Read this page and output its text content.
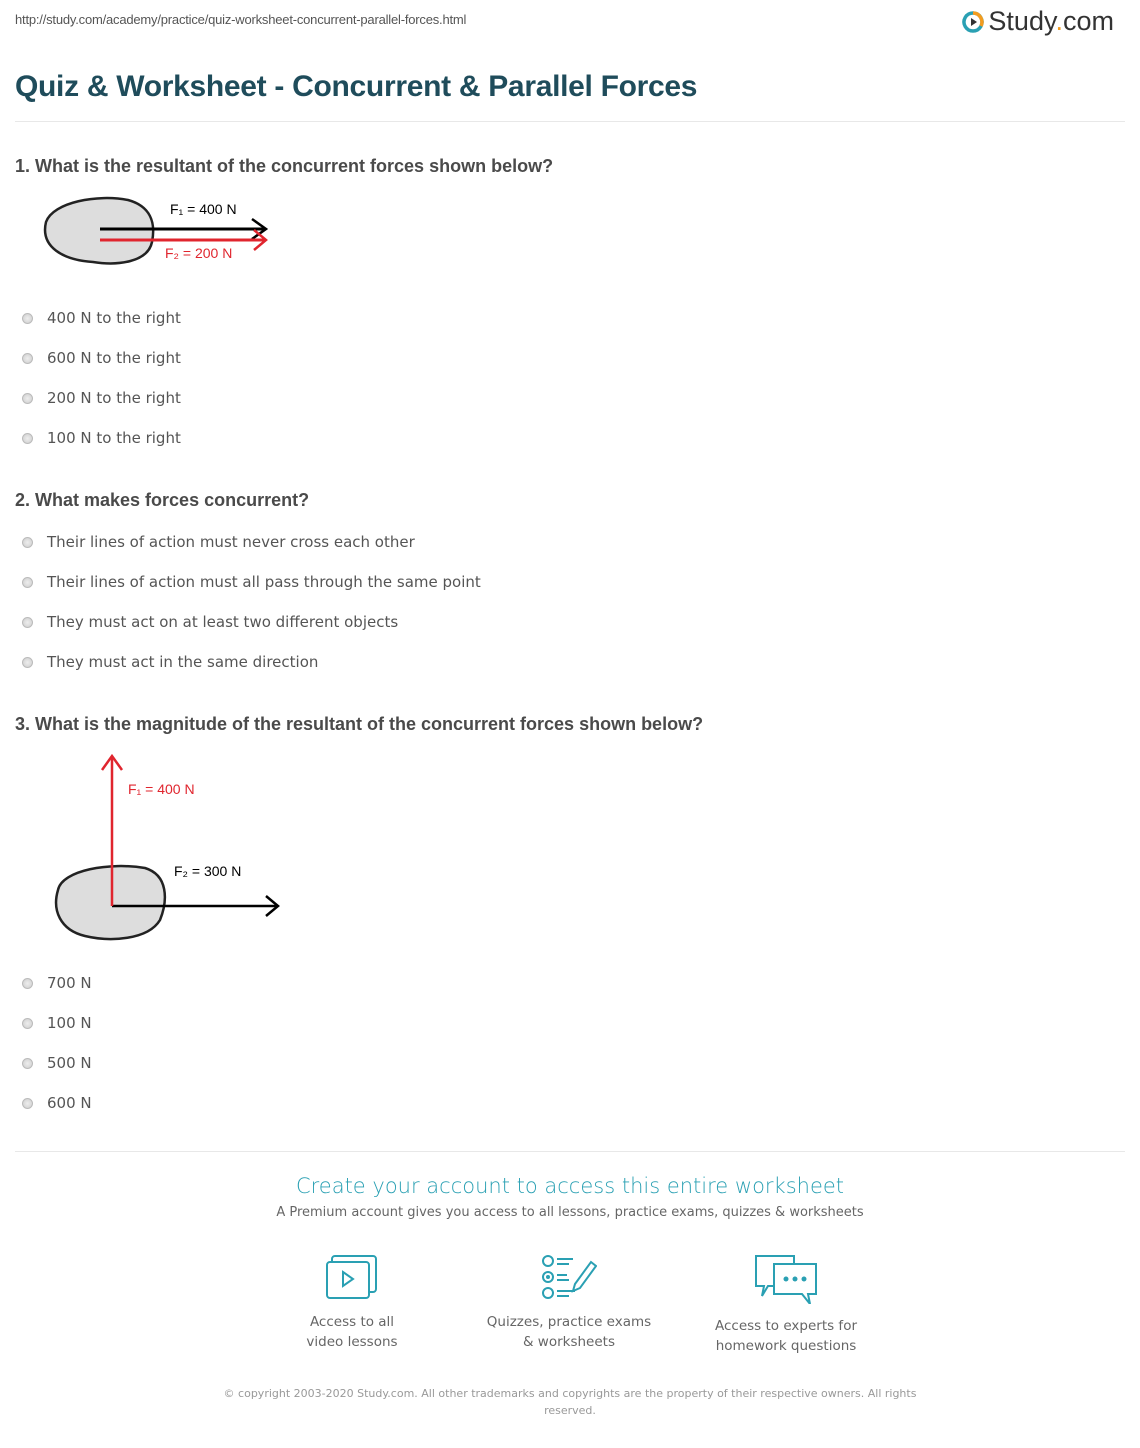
http://study.com/academy/practice/quiz-worksheet-concurrent-parallel-forces.html	Study.com
Quiz & Worksheet - Concurrent & Parallel Forces
1. What is the resultant of the concurrent forces shown below?
F₁ = 400 N
F₂ = 200 N
400 N to the right
600 N to the right
200 N to the right
100 N to the right
2. What makes forces concurrent?
Their lines of action must never cross each other
Their lines of action must all pass through the same point
They must act on at least two different objects
They must act in the same direction
3. What is the magnitude of the resultant of the concurrent forces shown below?
F₁ = 400 N
F₂ = 300 N
700 N
100 N
500 N
600 N
Create your account to access this entire worksheet
A Premium account gives you access to all lessons, practice exams, quizzes & worksheets
Access to all
video lessons
Quizzes, practice exams
& worksheets
Access to experts for
homework questions
© copyright 2003-2020 Study.com. All other trademarks and copyrights are the property of their respective owners. All rights reserved.
